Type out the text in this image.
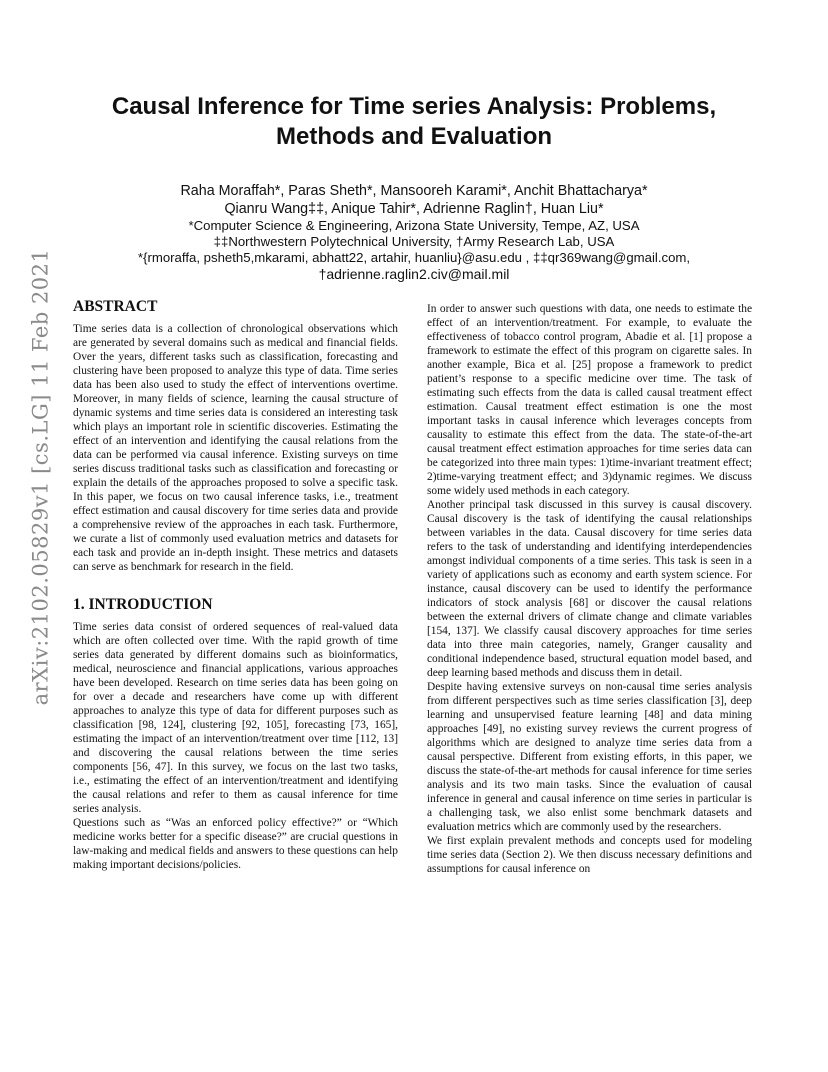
arXiv:2102.05829v1 [cs.LG] 11 Feb 2021
Causal Inference for Time series Analysis: Problems, Methods and Evaluation
Raha Moraffah*, Paras Sheth*, Mansooreh Karami*, Anchit Bhattacharya*
Qianru Wang‡‡, Anique Tahir*, Adrienne Raglin†, Huan Liu*
*Computer Science & Engineering, Arizona State University, Tempe, AZ, USA
‡‡Northwestern Polytechnical University, †Army Research Lab, USA
*{rmoraffa, psheth5,mkarami, abhatt22, artahir, huanliu}@asu.edu , ‡‡qr369wang@gmail.com,
†adrienne.raglin2.civ@mail.mil
ABSTRACT

Time series data is a collection of chronological observations which are generated by several domains such as medical and financial fields. Over the years, different tasks such as classification, forecasting and clustering have been proposed to analyze this type of data. Time series data has been also used to study the effect of interventions overtime. Moreover, in many fields of science, learning the causal structure of dynamic systems and time series data is considered an interesting task which plays an important role in scientific discoveries. Estimating the effect of an intervention and identifying the causal relations from the data can be performed via causal inference. Existing surveys on time series discuss traditional tasks such as classification and forecasting or explain the details of the approaches proposed to solve a specific task. In this paper, we focus on two causal inference tasks, i.e., treatment effect estimation and causal discovery for time series data and provide a comprehensive review of the approaches in each task. Furthermore, we curate a list of commonly used evaluation metrics and datasets for each task and provide an in-depth insight. These metrics and datasets can serve as benchmark for research in the field.

1. INTRODUCTION

Time series data consist of ordered sequences of real-valued data which are often collected over time. With the rapid growth of time series data generated by different domains such as bioinformatics, medical, neuroscience and financial applications, various approaches have been developed. Research on time series data has been going on for over a decade and researchers have come up with different approaches to analyze this type of data for different purposes such as classification [98, 124], clustering [92, 105], forecasting [73, 165], estimating the impact of an intervention/treatment over time [112, 13] and discovering the causal relations between the time series components [56, 47]. In this survey, we focus on the last two tasks, i.e., estimating the effect of an intervention/treatment and identifying the causal relations and refer to them as causal inference for time series analysis.

Questions such as “Was an enforced policy effective?” or “Which medicine works better for a specific disease?” are crucial questions in law-making and medical fields and answers to these questions can help making important decisions/policies.

In order to answer such questions with data, one needs to estimate the effect of an intervention/treatment. For example, to evaluate the effectiveness of tobacco control program, Abadie et al. [1] propose a framework to estimate the effect of this program on cigarette sales. In another example, Bica et al. [25] propose a framework to predict patient’s response to a specific medicine over time. The task of estimating such effects from the data is called causal treatment effect estimation. Causal treatment effect estimation is one the most important tasks in causal inference which leverages concepts from causality to estimate this effect from the data. The state-of-the-art causal treatment effect estimation approaches for time series data can be categorized into three main types: 1)time-invariant treatment effect; 2)time-varying treatment effect; and 3)dynamic regimes. We discuss some widely used methods in each category.

Another principal task discussed in this survey is causal discovery. Causal discovery is the task of identifying the causal relationships between variables in the data. Causal discovery for time series data refers to the task of understanding and identifying interdependencies amongst individual components of a time series. This task is seen in a variety of applications such as economy and earth system science. For instance, causal discovery can be used to identify the performance indicators of stock analysis [68] or discover the causal relations between the external drivers of climate change and climate variables [154, 137]. We classify causal discovery approaches for time series data into three main categories, namely, Granger causality and conditional independence based, structural equation model based, and deep learning based methods and discuss them in detail.

Despite having extensive surveys on non-causal time series analysis from different perspectives such as time series classification [3], deep learning and unsupervised feature learning [48] and data mining approaches [49], no existing survey reviews the current progress of algorithms which are designed to analyze time series data from a causal perspective. Different from existing efforts, in this paper, we discuss the state-of-the-art methods for causal inference for time series analysis and its two main tasks. Since the evaluation of causal inference in general and causal inference on time series in particular is a challenging task, we also enlist some benchmark datasets and evaluation metrics which are commonly used by the researchers.

We first explain prevalent methods and concepts used for modeling time series data (Section 2). We then discuss necessary definitions and assumptions for causal inference on
